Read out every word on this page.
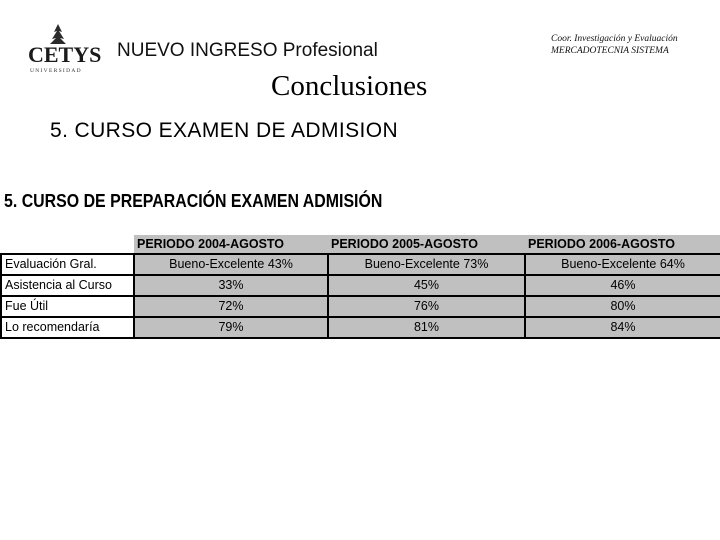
CETYS
UNIVERSIDAD
NUEVO INGRESO Profesional
Coor. Investigación y Evaluación
MERCADOTECNIA SISTEMA
Conclusiones
5. CURSO EXAMEN DE ADMISION
5. CURSO DE PREPARACIÓN EXAMEN ADMISIÓN
	PERIODO 2004-AGOSTO	PERIODO 2005-AGOSTO	PERIODO 2006-AGOSTO
Evaluación Gral.	Bueno-Excelente 43%	Bueno-Excelente 73%	Bueno-Excelente 64%
Asistencia al Curso	33%	45%	46%
Fue Útil	72%	76%	80%
Lo recomendaría	79%	81%	84%
